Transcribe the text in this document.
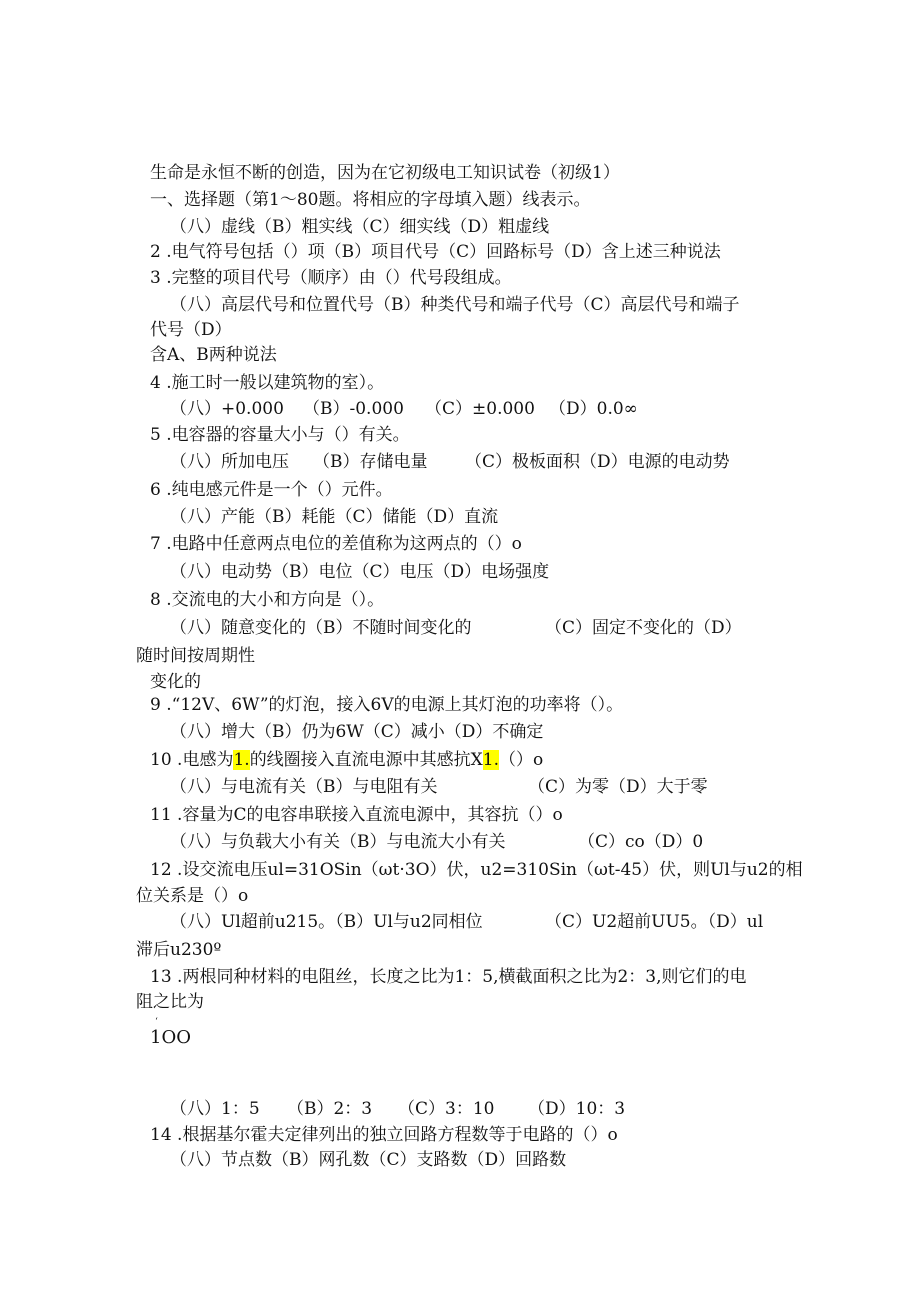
生命是永恒不断的创造，因为在它初级电工知识试卷（初级1）
一、选择题（第1～80题。将相应的字母填入题）线表示。
（八）虚线（B）粗实线（C）细实线（D）粗虚线
2 .电气符号包括（）项（B）项目代号（C）回路标号（D）含上述三种说法
3 .完整的项目代号（顺序）由（）代号段组成。
（八）高层代号和位置代号（B）种类代号和端子代号（C）高层代号和端子
代号（D）
含A、B两种说法
4 .施工时一般以建筑物的室）。
（八）+0.000 （B）-0.000 （C）±0.000 （D）0.0∞
5 .电容器的容量大小与（）有关。
（八）所加电压 （B）存储电量 （C）极板面积（D）电源的电动势
6 .纯电感元件是一个（）元件。
（八）产能（B）耗能（C）储能（D）直流
7 .电路中任意两点电位的差值称为这两点的（）o
（八）电动势（B）电位（C）电压（D）电场强度
8 .交流电的大小和方向是（）。
（八）随意变化的（B）不随时间变化的	（C）固定不变化的（D）
随时间按周期性
变化的
9 .“12V、6W”的灯泡，接入6V的电源上其灯泡的功率将（）。
（八）增大（B）仍为6W（C）减小（D）不确定
10 .电感为1.的线圈接入直流电源中其感抗X1.（）o
（八）与电流有关（B）与电阻有关	（C）为零（D）大于零
11 .容量为C的电容串联接入直流电源中，其容抗（）o
（八）与负载大小有关（B）与电流大小有关	（C）co（D）0
12 .设交流电压ul=31OSin（ωt·3O）伏，u2=310Sin（ωt-45）伏，则Ul与u2的相
位关系是（）o
（八）Ul超前u215。（B）Ul与u2同相位	（C）U2超前UU5。（D）ul
滞后u230º
13 .两根同种材料的电阻丝，长度之比为1：5,横截面积之比为2：3,则它们的电
阻之比为
‘
1OO
（八）1：5 （B）2：3 （C）3：10 （D）10：3
14 .根据基尔霍夫定律列出的独立回路方程数等于电路的（）o
（八）节点数（B）网孔数（C）支路数（D）回路数
